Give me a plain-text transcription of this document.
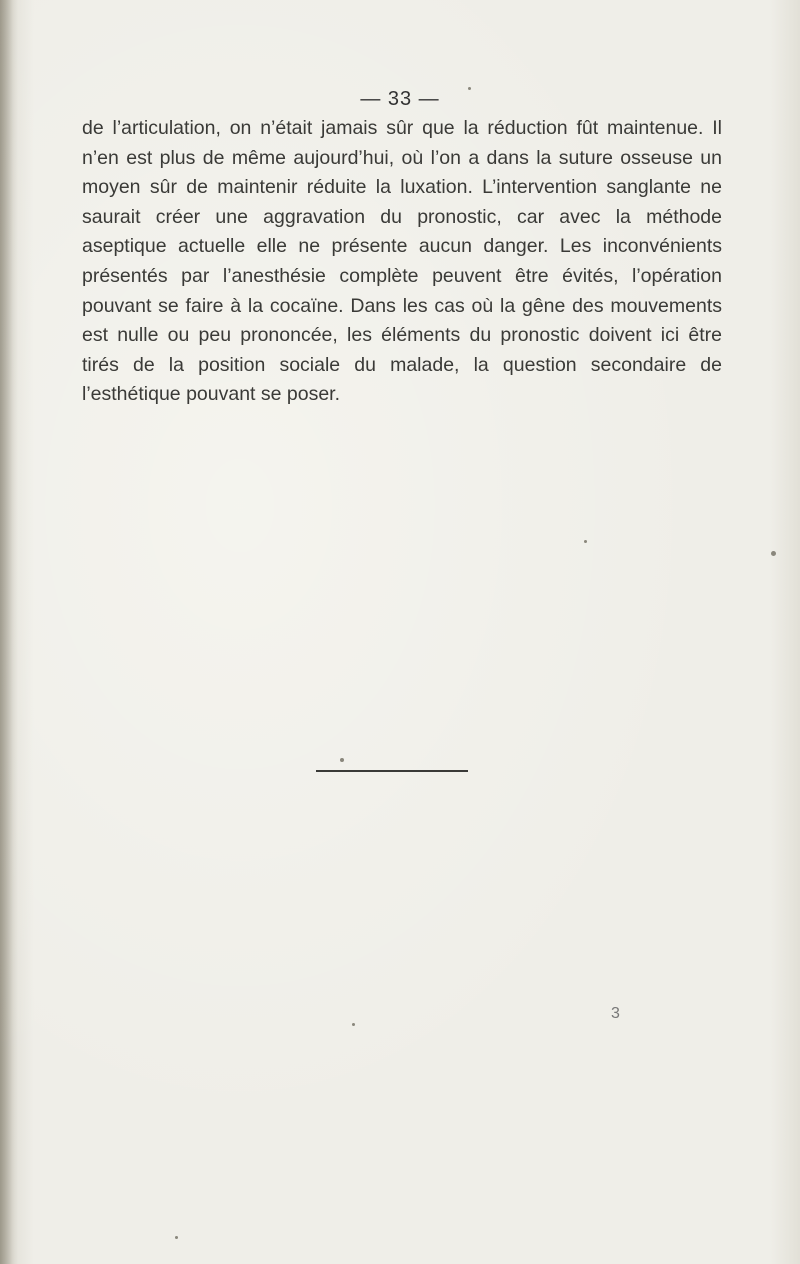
— 33 —

de l’articulation, on n’était jamais sûr que la réduction fût maintenue. Il n’en est plus de même aujourd’hui, où l’on a dans la suture osseuse un moyen sûr de maintenir réduite la luxation. L’intervention sanglante ne saurait créer une aggravation du pronostic, car avec la méthode aseptique actuelle elle ne présente aucun danger. Les inconvénients présentés par l’anesthésie complète peuvent être évités, l’opération pouvant se faire à la cocaïne. Dans les cas où la gêne des mouvements est nulle ou peu prononcée, les éléments du pronostic doivent ici être tirés de la position sociale du malade, la question secondaire de l’esthétique pouvant se poser.

3
